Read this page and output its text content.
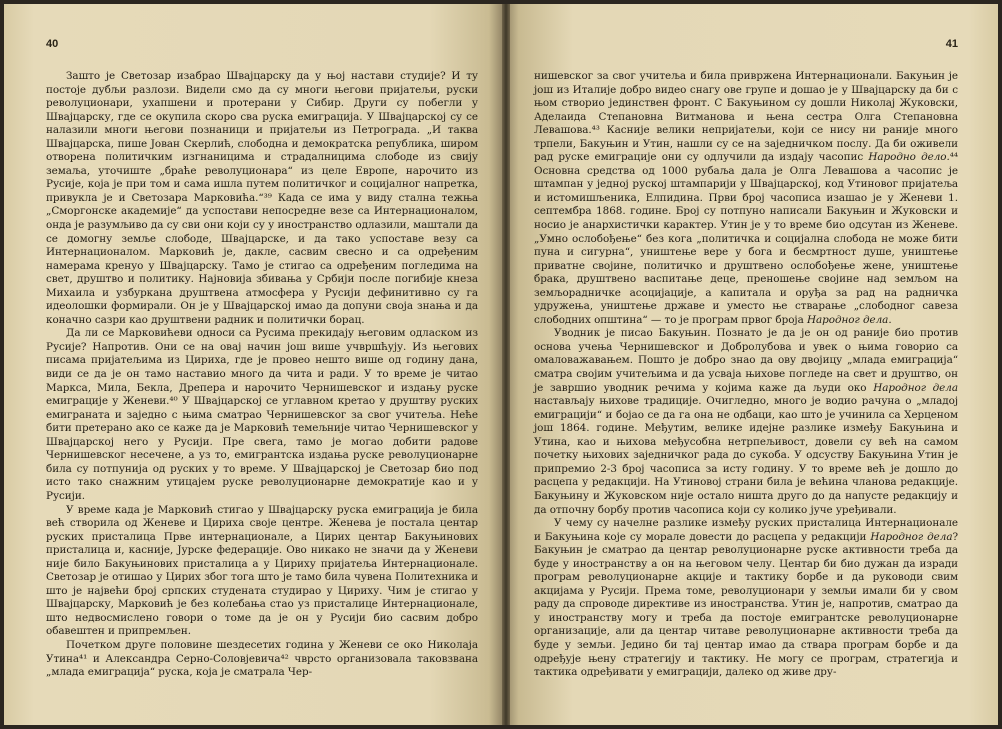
40

Зашто је Светозар изабрао Швајцарску да у њој настави студије? И ту постоје дубљи разлози. Видели смо да су многи његови пријатељи, руски револуционари, ухапшени и протерани у Сибир. Други су побегли у Швајцарску, где се окупила скоро сва руска емиграција. У Швајцарској су се налазили многи његови познаници и пријатељи из Петрограда. „И таква Швајцарска, пише Јован Скерлић, слободна и демократска република, широм отворена политичким изгнаницима и страдалницима слободе из свију земаља, уточиште „браће револуционара“ из целе Европе, нарочито из Русије, која је при том и сама ишла путем политичког и социјалног напретка, привукла је и Светозара Марковића.“³⁹ Када се има у виду стална тежња „Сморгонске академије“ да успостави непосредне везе са Интернационалом, онда је разумљиво да су сви они који су у иностранство одлазили, маштали да се домогну земље слободе, Швајцарске, и да тако успоставе везу са Интернационалом. Марковић је, дакле, сасвим свесно и са одређеним намерама кренуо у Швајцарску. Тамо је стигао са одређеним погледима на свет, друштво и политику. Најновија збивања у Србији после погибије кнеза Михаила и узбуркана друштвена атмосфера у Русији дефинитивно су га идеолошки формирали. Он је у Швајцарској имао да допуни своја знања и да коначно сазри као друштвени радник и политички борац.

Да ли се Марковићеви односи са Русима прекидају његовим одласком из Русије? Напротив. Они се на овај начин још више учвршћују. Из његових писама пријатељима из Цириха, где је провео нешто више од годину дана, види се да је он тамо наставио много да чита и ради. У то време је читао Маркса, Мила, Бекла, Дрепера и нарочито Чернишевског и издању руске емиграције у Женеви.⁴⁰ У Швајцарској се углавном кретао у друштву руских емиграната и заједно с њима сматрао Чернишевског за свог учитеља. Неће бити претерано ако се каже да је Марковић темељније читао Чернишевског у Швајцарској него у Русији. Пре свега, тамо је могао добити радове Чернишевског несечене, а уз то, емигрантска издања руске револуционарне била су потпунија од руских у то време. У Швајцарској је Светозар био под исто тако снажним утицајем руске револуционарне демократије као и у Русији.

У време када је Марковић стигао у Швајцарску руска емиграција је била већ створила од Женеве и Цириха своје центре. Женева је постала центар руских присталица Прве интернационале, а Цирих центар Бакуњинових присталица и, касније, Јурске федерације. Ово никако не значи да у Женеви није било Бакуњинових присталица а у Цириху пријатеља Интернационале. Светозар је отишао у Цирих због тога што је тамо била чувена Политехника и што је највећи број српских студената студирао у Цириху. Чим је стигао у Швајцарску, Марковић је без колебања стао уз присталице Интернационале, што недвосмислено говори о томе да је он у Русији био сасвим добро обавештен и припремљен.

Почетком друге половине шездесетих година у Женеви се око Николаја Утина⁴¹ и Александра Серно-Соловјевича⁴² чврсто организовала таковзвана „млада емиграција“ руска, која је сматрала Чер-

41

нишевског за свог учитеља и била привржена Интернационали. Бакуњин је још из Италије добро видео снагу ове групе и дошао је у Швајцарску да би с њом створио јединствен фронт. С Бакуњином су дошли Николај Жуковски, Аделаида Степановна Витманова и њена сестра Олга Степановна Левашова.⁴³ Касније велики непријатељи, који се нису ни раније много трпели, Бакуњин и Утин, нашли су се на заједничком послу. Да би оживели рад руске емиграције они су одлучили да издају часопис Народно дело.⁴⁴ Основна средства од 1000 рубаља дала је Олга Левашова а часопис је штампан у једној руској штампарији у Швајцарској, код Утиновог пријатеља и истомишљеника, Елпидина. Први број часописа изашао је у Женеви 1. септембра 1868. године. Број су потпуно написали Бакуњин и Жуковски и носио је анархистички карактер. Утин је у то време био одсутан из Женеве. „Умно ослобођење“ без кога „политичка и социјална слобода не може бити пуна и сигурна“, уништење вере у бога и бесмртност душе, уништење приватне својине, политичко и друштвено ослобођење жене, уништење брака, друштвено васпитање деце, преношење својине над земљом на земљорадничке асоцијације, а капитала и оруђа за рад на радничка удружења, уништење државе и уместо ње стварање „слободног савеза слободних општина“ — то је програм првог броја Народног дела.

Уводник је писао Бакуњин. Познато је да је он од раније био против основа учења Чернишевског и Добролубова и увек о њима говорио са омаловажавањем. Пошто је добро знао да ову двојицу „млада емиграција“ сматра својим учитељима и да усваја њихове погледе на свет и друштво, он је завршио уводник речима у којима каже да људи око Народног дела настављају њихове традиције. Очигледно, много је водио рачуна о „младој емиграцији“ и бојао се да га она не одбаци, као што је учинила са Херценом још 1864. године. Међутим, велике идејне разлике између Бакуњина и Утина, као и њихова међусобна нетрпељивост, довели су већ на самом почетку њихових заједничког рада до сукоба. У одсуству Бакуњина Утин је припремио 2-3 број часописа за исту годину. У то време већ је дошло до расцепа у редакцији. На Утиновој страни била је већина чланова редакције. Бакуњину и Жуковском није остало ништа друго до да напусте редакцију и да отпочну борбу против часописа који су колико јуче уређивали.

У чему су начелне разлике између руских присталица Интернационале и Бакуњина које су морале довести до расцепа у редакцији Народног дела? Бакуњин је сматрао да центар револуционарне руске активности треба да буде у иностранству а он на његовом челу. Центар би био дужан да изради програм револуционарне акције и тактику борбе и да руководи свим акцијама у Русији. Према томе, револуционари у земљи имали би у свом раду да спроводе директиве из иностранства. Утин је, напротив, сматрао да у иностранству могу и треба да постоје емигрантске револуционарне организације, али да центар читаве револуционарне активности треба да буде у земљи. Једино би тај центар имао да ствара програм борбе и да одређује њену стратегију и тактику. Не могу се програм, стратегија и тактика одређивати у емиграцији, далеко од живе дру-
